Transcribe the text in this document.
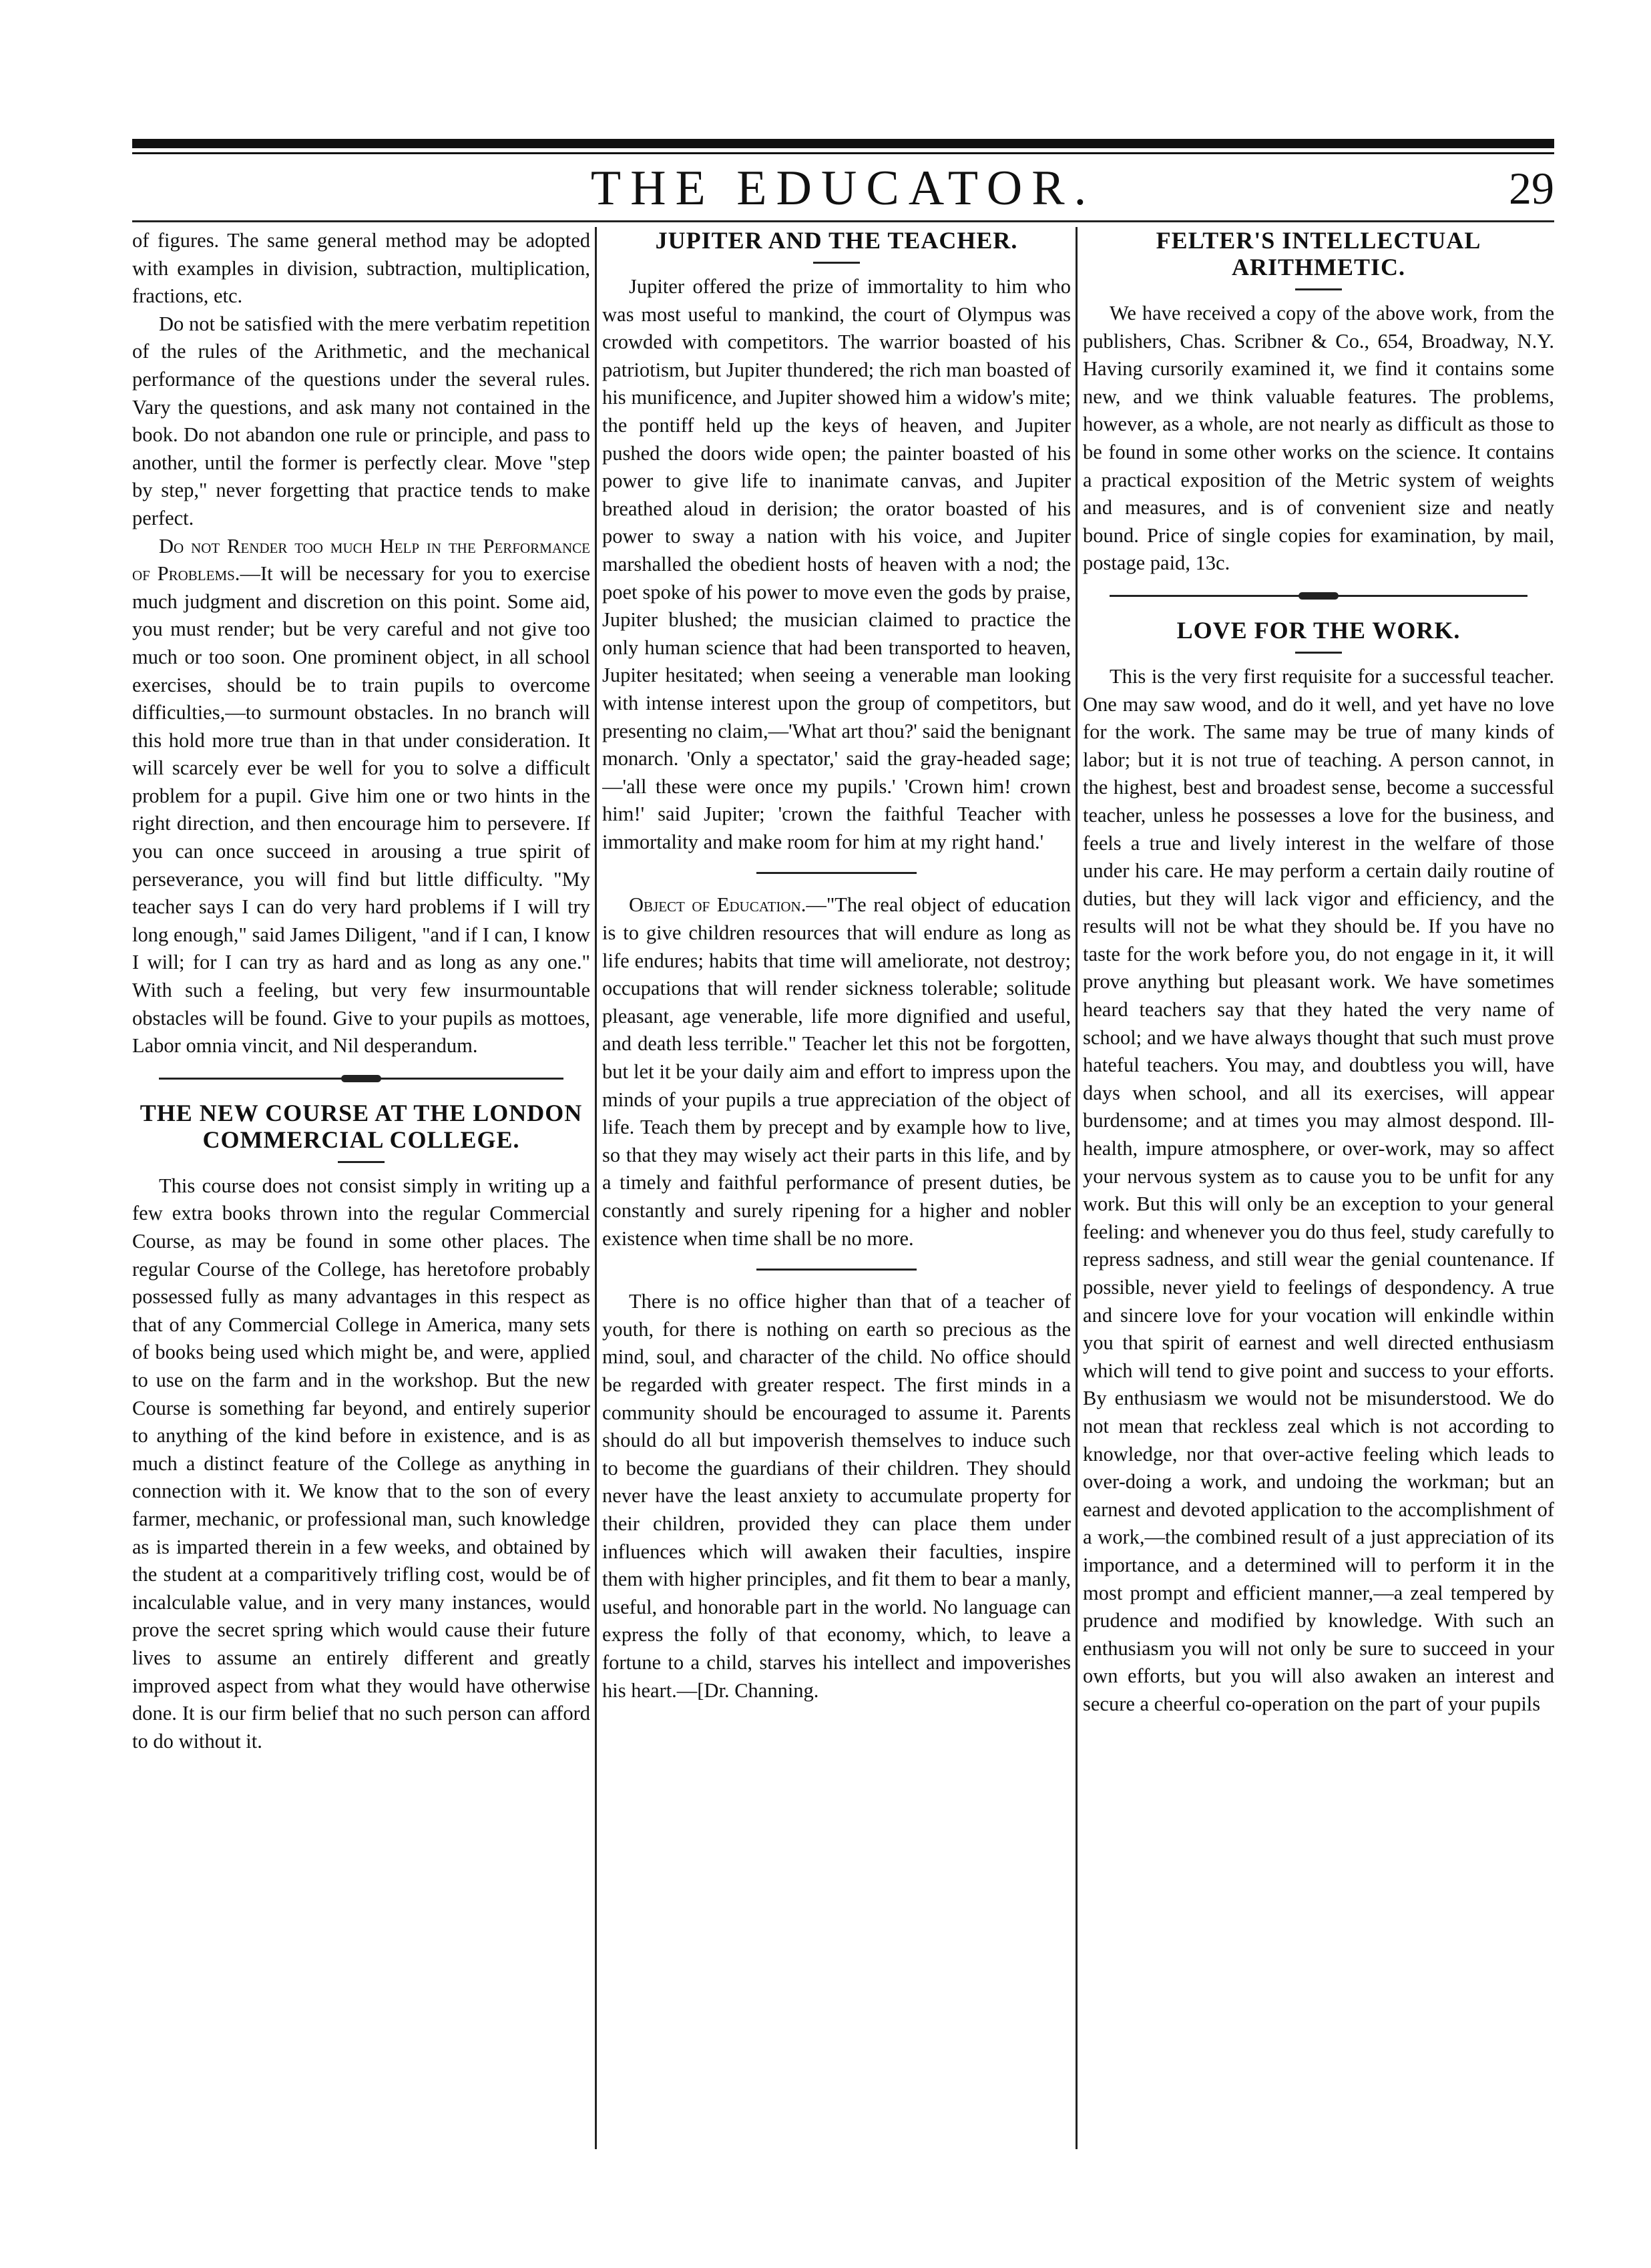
THE EDUCATOR.	29

of figures. The same general method may be adopted with examples in division, subtraction, multiplication, fractions, etc.

Do not be satisfied with the mere verbatim repetition of the rules of the Arithmetic, and the mechanical performance of the questions under the several rules. Vary the questions, and ask many not contained in the book. Do not abandon one rule or principle, and pass to another, until the former is perfectly clear. Move "step by step," never forgetting that practice tends to make perfect.

Do not Render too much Help in the Performance of Problems.—It will be necessary for you to exercise much judgment and discretion on this point. Some aid, you must render; but be very careful and not give too much or too soon. One prominent object, in all school exercises, should be to train pupils to overcome difficulties,—to surmount obstacles. In no branch will this hold more true than in that under consideration. It will scarcely ever be well for you to solve a difficult problem for a pupil. Give him one or two hints in the right direction, and then encourage him to persevere. If you can once succeed in arousing a true spirit of perseverance, you will find but little difficulty. "My teacher says I can do very hard problems if I will try long enough," said James Diligent, "and if I can, I know I will; for I can try as hard and as long as any one." With such a feeling, but very few insurmountable obstacles will be found. Give to your pupils as mottoes, Labor omnia vincit, and Nil desperandum.

THE NEW COURSE AT THE LONDON COMMERCIAL COLLEGE.

This course does not consist simply in writing up a few extra books thrown into the regular Commercial Course, as may be found in some other places. The regular Course of the College, has heretofore probably possessed fully as many advantages in this respect as that of any Commercial College in America, many sets of books being used which might be, and were, applied to use on the farm and in the workshop. But the new Course is something far beyond, and entirely superior to anything of the kind before in existence, and is as much a distinct feature of the College as anything in connection with it. We know that to the son of every farmer, mechanic, or professional man, such knowledge as is imparted therein in a few weeks, and obtained by the student at a comparitively trifling cost, would be of incalculable value, and in very many instances, would prove the secret spring which would cause their future lives to assume an entirely different and greatly improved aspect from what they would have otherwise done. It is our firm belief that no such person can afford to do without it.

JUPITER AND THE TEACHER.

Jupiter offered the prize of immortality to him who was most useful to mankind, the court of Olympus was crowded with competitors. The warrior boasted of his patriotism, but Jupiter thundered; the rich man boasted of his munificence, and Jupiter showed him a widow's mite; the pontiff held up the keys of heaven, and Jupiter pushed the doors wide open; the painter boasted of his power to give life to inanimate canvas, and Jupiter breathed aloud in derision; the orator boasted of his power to sway a nation with his voice, and Jupiter marshalled the obedient hosts of heaven with a nod; the poet spoke of his power to move even the gods by praise, Jupiter blushed; the musician claimed to practice the only human science that had been transported to heaven, Jupiter hesitated; when seeing a venerable man looking with intense interest upon the group of competitors, but presenting no claim,—'What art thou?' said the benignant monarch. 'Only a spectator,' said the gray-headed sage;—'all these were once my pupils.' 'Crown him! crown him!' said Jupiter; 'crown the faithful Teacher with immortality and make room for him at my right hand.'

Object of Education.—"The real object of education is to give children resources that will endure as long as life endures; habits that time will ameliorate, not destroy; occupations that will render sickness tolerable; solitude pleasant, age venerable, life more dignified and useful, and death less terrible." Teacher let this not be forgotten, but let it be your daily aim and effort to impress upon the minds of your pupils a true appreciation of the object of life. Teach them by precept and by example how to live, so that they may wisely act their parts in this life, and by a timely and faithful performance of present duties, be constantly and surely ripening for a higher and nobler existence when time shall be no more.

There is no office higher than that of a teacher of youth, for there is nothing on earth so precious as the mind, soul, and character of the child. No office should be regarded with greater respect. The first minds in a community should be encouraged to assume it. Parents should do all but impoverish themselves to induce such to become the guardians of their children. They should never have the least anxiety to accumulate property for their children, provided they can place them under influences which will awaken their faculties, inspire them with higher principles, and fit them to bear a manly, useful, and honorable part in the world. No language can express the folly of that economy, which, to leave a fortune to a child, starves his intellect and impoverishes his heart.—[Dr. Channing.

FELTER'S INTELLECTUAL ARITHMETIC.

We have received a copy of the above work, from the publishers, Chas. Scribner & Co., 654, Broadway, N.Y. Having cursorily examined it, we find it contains some new, and we think valuable features. The problems, however, as a whole, are not nearly as difficult as those to be found in some other works on the science. It contains a practical exposition of the Metric system of weights and measures, and is of convenient size and neatly bound. Price of single copies for examination, by mail, postage paid, 13c.

LOVE FOR THE WORK.

This is the very first requisite for a successful teacher. One may saw wood, and do it well, and yet have no love for the work. The same may be true of many kinds of labor; but it is not true of teaching. A person cannot, in the highest, best and broadest sense, become a successful teacher, unless he possesses a love for the business, and feels a true and lively interest in the welfare of those under his care. He may perform a certain daily routine of duties, but they will lack vigor and efficiency, and the results will not be what they should be. If you have no taste for the work before you, do not engage in it, it will prove anything but pleasant work. We have sometimes heard teachers say that they hated the very name of school; and we have always thought that such must prove hateful teachers. You may, and doubtless you will, have days when school, and all its exercises, will appear burdensome; and at times you may almost despond. Ill-health, impure atmosphere, or over-work, may so affect your nervous system as to cause you to be unfit for any work. But this will only be an exception to your general feeling: and whenever you do thus feel, study carefully to repress sadness, and still wear the genial countenance. If possible, never yield to feelings of despondency. A true and sincere love for your vocation will enkindle within you that spirit of earnest and well directed enthusiasm which will tend to give point and success to your efforts. By enthusiasm we would not be misunderstood. We do not mean that reckless zeal which is not according to knowledge, nor that over-active feeling which leads to over-doing a work, and undoing the workman; but an earnest and devoted application to the accomplishment of a work,—the combined result of a just appreciation of its importance, and a determined will to perform it in the most prompt and efficient manner,—a zeal tempered by prudence and modified by knowledge. With such an enthusiasm you will not only be sure to succeed in your own efforts, but you will also awaken an interest and secure a cheerful co-operation on the part of your pupils
